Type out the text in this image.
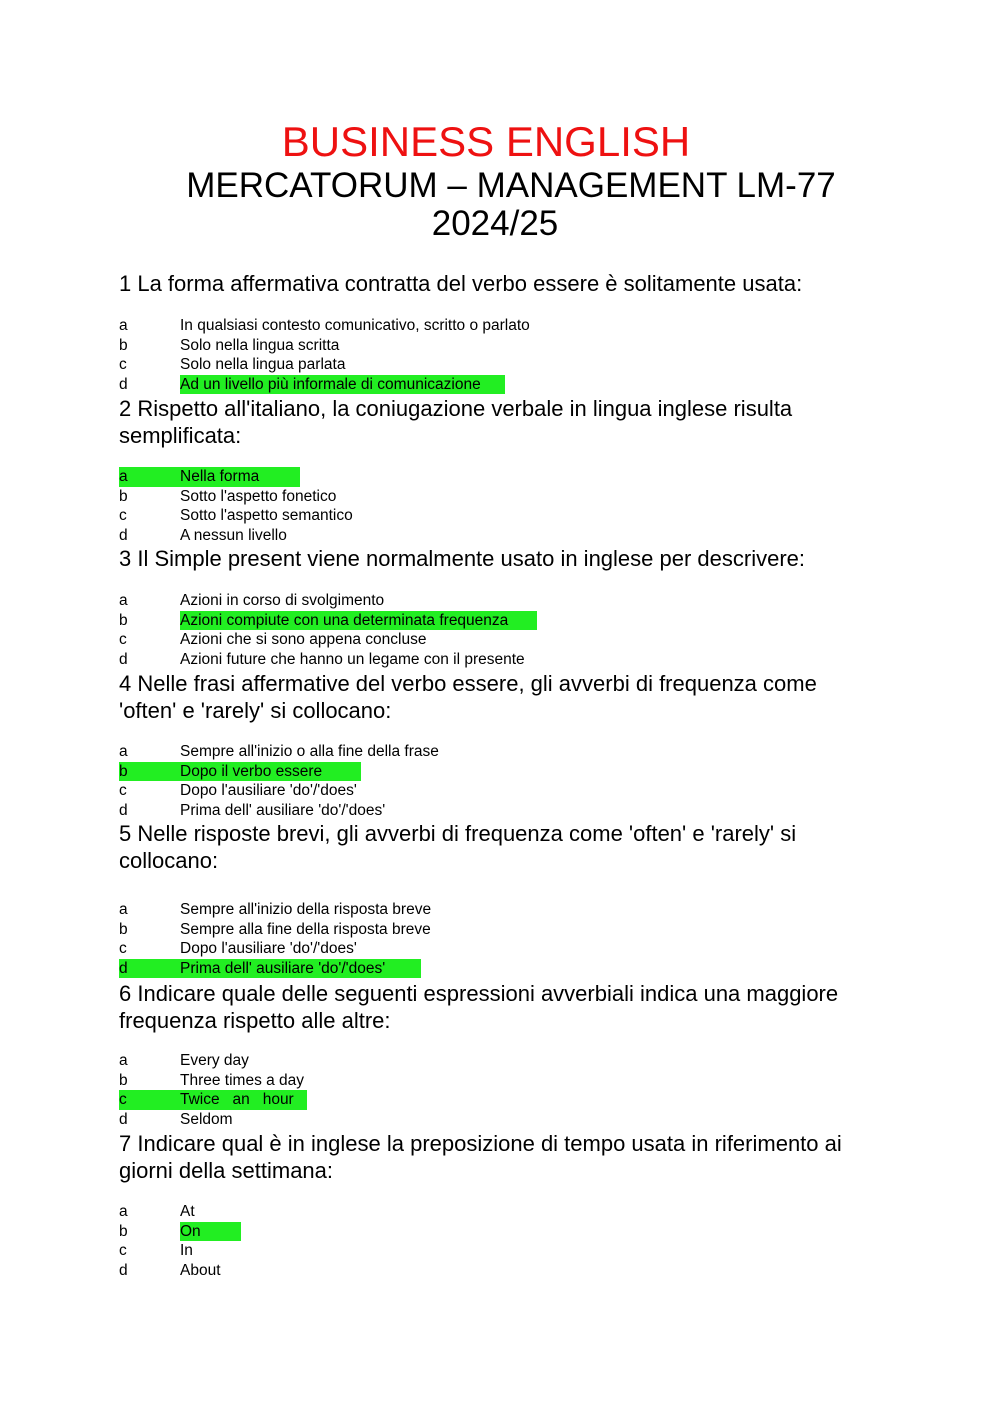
BUSINESS ENGLISH
MERCATORUM – MANAGEMENT LM-77
2024/25
1 La forma affermativa contratta del verbo essere è solitamente usata:
a	In qualsiasi contesto comunicativo, scritto o parlato
b	Solo nella lingua scritta
c	Solo nella lingua parlata
d	Ad un livello più informale di comunicazione
2 Rispetto all'italiano, la coniugazione verbale in lingua inglese risulta semplificata:
a	Nella forma
b	Sotto l'aspetto fonetico
c	Sotto l'aspetto semantico
d	A nessun livello
3 Il Simple present viene normalmente usato in inglese per descrivere:
a	Azioni in corso di svolgimento
b	Azioni compiute con una determinata frequenza
c	Azioni che si sono appena concluse
d	Azioni future che hanno un legame con il presente
4 Nelle frasi affermative del verbo essere, gli avverbi di frequenza come 'often' e 'rarely' si collocano:
a	Sempre all'inizio o alla fine della frase
b	Dopo il verbo essere
c	Dopo l'ausiliare 'do'/'does'
d	Prima dell' ausiliare 'do'/'does'
5 Nelle risposte brevi, gli avverbi di frequenza come 'often' e 'rarely' si collocano:
a	Sempre all'inizio della risposta breve
b	Sempre alla fine della risposta breve
c	Dopo l'ausiliare 'do'/'does'
d	Prima dell' ausiliare 'do'/'does'
6 Indicare quale delle seguenti espressioni avverbiali indica una maggiore frequenza rispetto alle altre:
a	Every day
b	Three times a day
c	Twice   an   hour
d	Seldom
7 Indicare qual è in inglese la preposizione di tempo usata in riferimento ai giorni della settimana:
a	At
b	On
c	In
d	About
